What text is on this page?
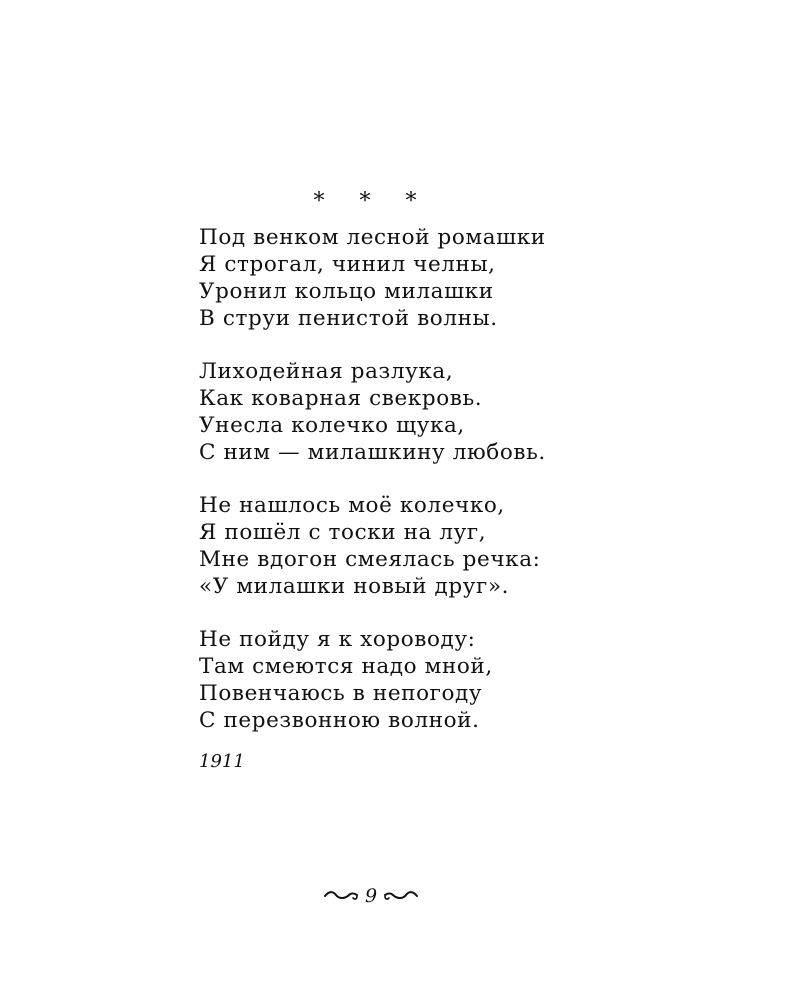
* * *
Под венком лесной ромашки
Я строгал, чинил челны,
Уронил кольцо милашки
В струи пенистой волны.
Лиходейная разлука,
Как коварная свекровь.
Унесла колечко щука,
С ним — милашкину любовь.
Не нашлось моё колечко,
Я пошёл с тоски на луг,
Мне вдогон смеялась речка:
«У милашки новый друг».
Не пойду я к хороводу:
Там смеются надо мной,
Повенчаюсь в непогоду
С перезвонною волной.
1911
9
